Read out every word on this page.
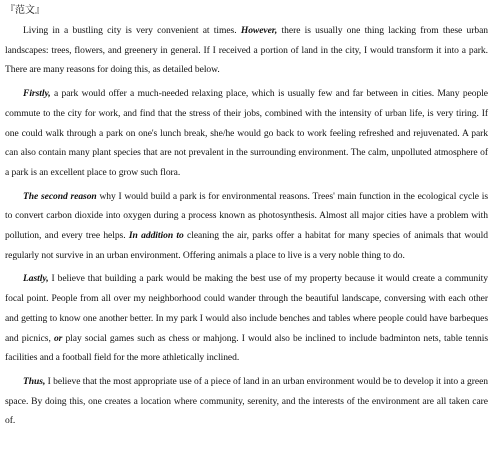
『范文』

Living in a bustling city is very convenient at times. However, there is usually one thing lacking from these urban landscapes: trees, flowers, and greenery in general. If I received a portion of land in the city, I would transform it into a park. There are many reasons for doing this, as detailed below.

Firstly, a park would offer a much-needed relaxing place, which is usually few and far between in cities. Many people commute to the city for work, and find that the stress of their jobs, combined with the intensity of urban life, is very tiring. If one could walk through a park on one's lunch break, she/he would go back to work feeling refreshed and rejuvenated. A park can also contain many plant species that are not prevalent in the surrounding environment. The calm, unpolluted atmosphere of a park is an excellent place to grow such flora.

The second reason why I would build a park is for environmental reasons. Trees' main function in the ecological cycle is to convert carbon dioxide into oxygen during a process known as photosynthesis. Almost all major cities have a problem with pollution, and every tree helps. In addition to cleaning the air, parks offer a habitat for many species of animals that would regularly not survive in an urban environment. Offering animals a place to live is a very noble thing to do.

Lastly, I believe that building a park would be making the best use of my property because it would create a community focal point. People from all over my neighborhood could wander through the beautiful landscape, conversing with each other and getting to know one another better. In my park I would also include benches and tables where people could have barbeques and picnics, or play social games such as chess or mahjong. I would also be inclined to include badminton nets, table tennis facilities and a football field for the more athletically inclined.

Thus, I believe that the most appropriate use of a piece of land in an urban environment would be to develop it into a green space. By doing this, one creates a location where community, serenity, and the interests of the environment are all taken care of.
